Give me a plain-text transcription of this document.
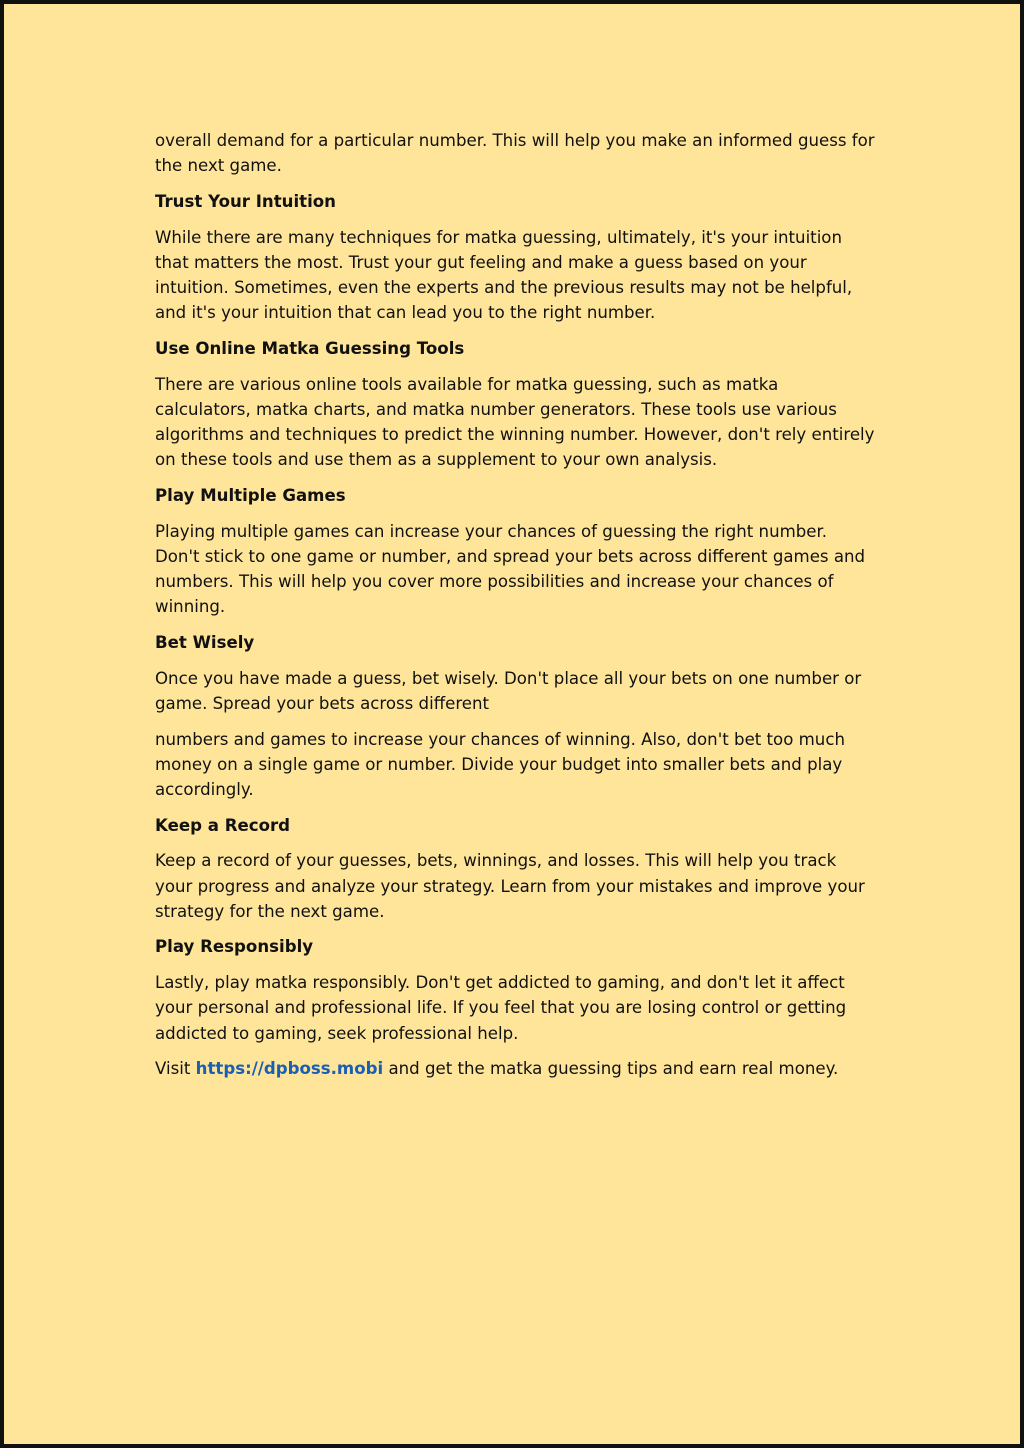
overall demand for a particular number. This will help you make an informed guess for the next game.

Trust Your Intuition

While there are many techniques for matka guessing, ultimately, it's your intuition that matters the most. Trust your gut feeling and make a guess based on your intuition. Sometimes, even the experts and the previous results may not be helpful, and it's your intuition that can lead you to the right number.

Use Online Matka Guessing Tools

There are various online tools available for matka guessing, such as matka calculators, matka charts, and matka number generators. These tools use various algorithms and techniques to predict the winning number. However, don't rely entirely on these tools and use them as a supplement to your own analysis.

Play Multiple Games

Playing multiple games can increase your chances of guessing the right number. Don't stick to one game or number, and spread your bets across different games and numbers. This will help you cover more possibilities and increase your chances of winning.

Bet Wisely

Once you have made a guess, bet wisely. Don't place all your bets on one number or game. Spread your bets across different

numbers and games to increase your chances of winning. Also, don't bet too much money on a single game or number. Divide your budget into smaller bets and play accordingly.

Keep a Record

Keep a record of your guesses, bets, winnings, and losses. This will help you track your progress and analyze your strategy. Learn from your mistakes and improve your strategy for the next game.

Play Responsibly

Lastly, play matka responsibly. Don't get addicted to gaming, and don't let it affect your personal and professional life. If you feel that you are losing control or getting addicted to gaming, seek professional help.

Visit https://dpboss.mobi and get the matka guessing tips and earn real money.
